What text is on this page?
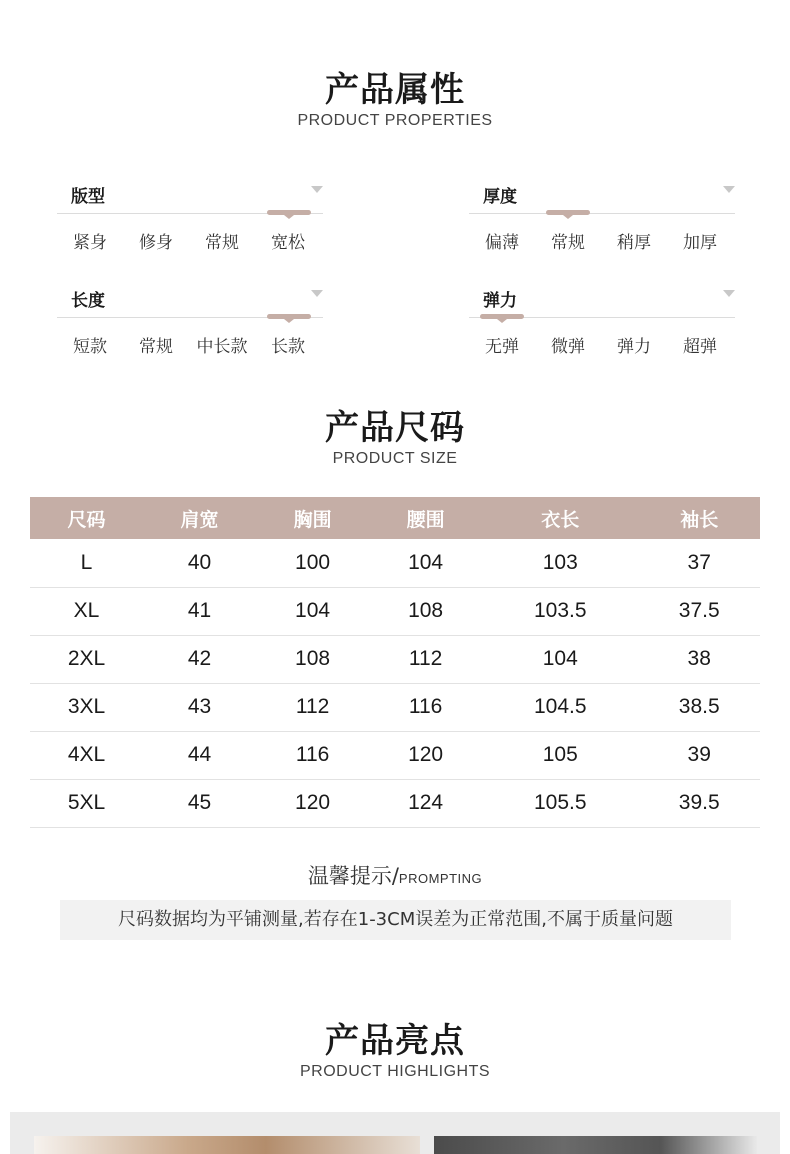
产品属性
PRODUCT PROPERTIES
版型
紧身	修身	常规	宽松
厚度
偏薄	常规	稍厚	加厚
长度
短款	常规	中长款	长款
弹力
无弹	微弹	弹力	超弹
产品尺码
PRODUCT SIZE
尺码	肩宽	胸围	腰围	衣长	袖长
L	40	100	104	103	37
XL	41	104	108	103.5	37.5
2XL	42	108	112	104	38
3XL	43	112	116	104.5	38.5
4XL	44	116	120	105	39
5XL	45	120	124	105.5	39.5
温馨提示/PROMPTING
尺码数据均为平铺测量,若存在1-3CM误差为正常范围,不属于质量问题
产品亮点
PRODUCT HIGHLIGHTS
